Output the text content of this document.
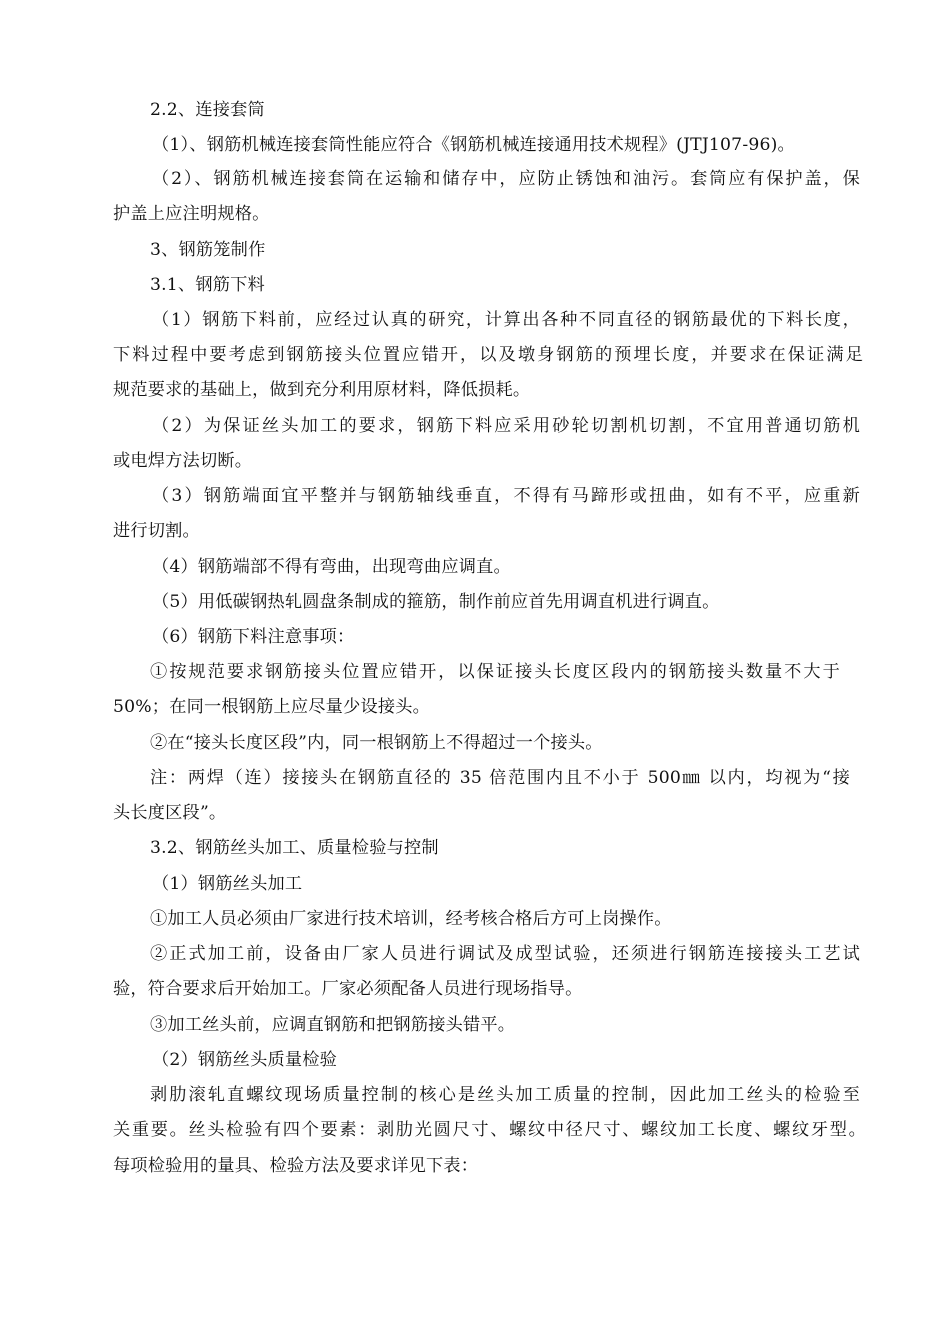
2.2、连接套筒
（1）、钢筋机械连接套筒性能应符合《钢筋机械连接通用技术规程》(JTJ107-96)。
（2）、钢筋机械连接套筒在运输和储存中，应防止锈蚀和油污。套筒应有保护盖，保
护盖上应注明规格。
3、钢筋笼制作
3.1、钢筋下料
（1）钢筋下料前，应经过认真的研究，计算出各种不同直径的钢筋最优的下料长度，
下料过程中要考虑到钢筋接头位置应错开，以及墩身钢筋的预埋长度，并要求在保证满足
规范要求的基础上，做到充分利用原材料，降低损耗。
（2）为保证丝头加工的要求，钢筋下料应采用砂轮切割机切割，不宜用普通切筋机
或电焊方法切断。
（3）钢筋端面宜平整并与钢筋轴线垂直，不得有马蹄形或扭曲，如有不平，应重新
进行切割。
（4）钢筋端部不得有弯曲，出现弯曲应调直。
（5）用低碳钢热轧圆盘条制成的箍筋，制作前应首先用调直机进行调直。
（6）钢筋下料注意事项：
①按规范要求钢筋接头位置应错开，以保证接头长度区段内的钢筋接头数量不大于
50%；在同一根钢筋上应尽量少设接头。
②在“接头长度区段”内，同一根钢筋上不得超过一个接头。
注：两焊（连）接接头在钢筋直径的 35 倍范围内且不小于 500㎜ 以内，均视为“接
头长度区段”。
3.2、钢筋丝头加工、质量检验与控制
（1）钢筋丝头加工
①加工人员必须由厂家进行技术培训，经考核合格后方可上岗操作。
②正式加工前，设备由厂家人员进行调试及成型试验，还须进行钢筋连接接头工艺试
验，符合要求后开始加工。厂家必须配备人员进行现场指导。
③加工丝头前，应调直钢筋和把钢筋接头错平。
（2）钢筋丝头质量检验
剥肋滚轧直螺纹现场质量控制的核心是丝头加工质量的控制，因此加工丝头的检验至
关重要。丝头检验有四个要素：剥肋光圆尺寸、螺纹中径尺寸、螺纹加工长度、螺纹牙型。
每项检验用的量具、检验方法及要求详见下表：
